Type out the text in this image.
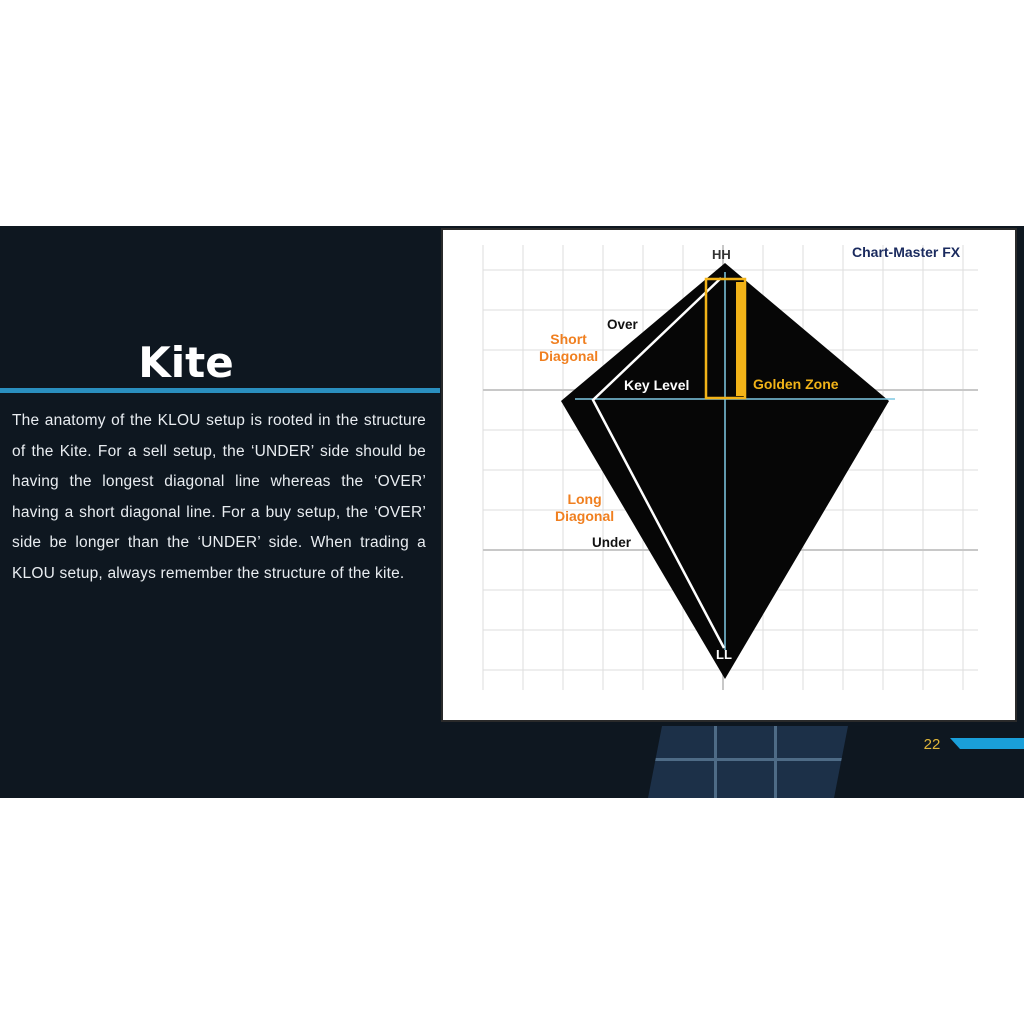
Kite

The anatomy of the KLOU setup is rooted in the structure of the Kite. For a sell setup, the ‘UNDER’ side should be having the longest diagonal line whereas the ‘OVER’ having a short diagonal line. For a buy setup, the ‘OVER’ side be longer than the ‘UNDER’ side. When trading a KLOU setup, always remember the structure of the kite.

22
Chart-Master FX
HH
LL
Over
Under
Key Level	Golden Zone
Short
Diagonal
Long
Diagonal
